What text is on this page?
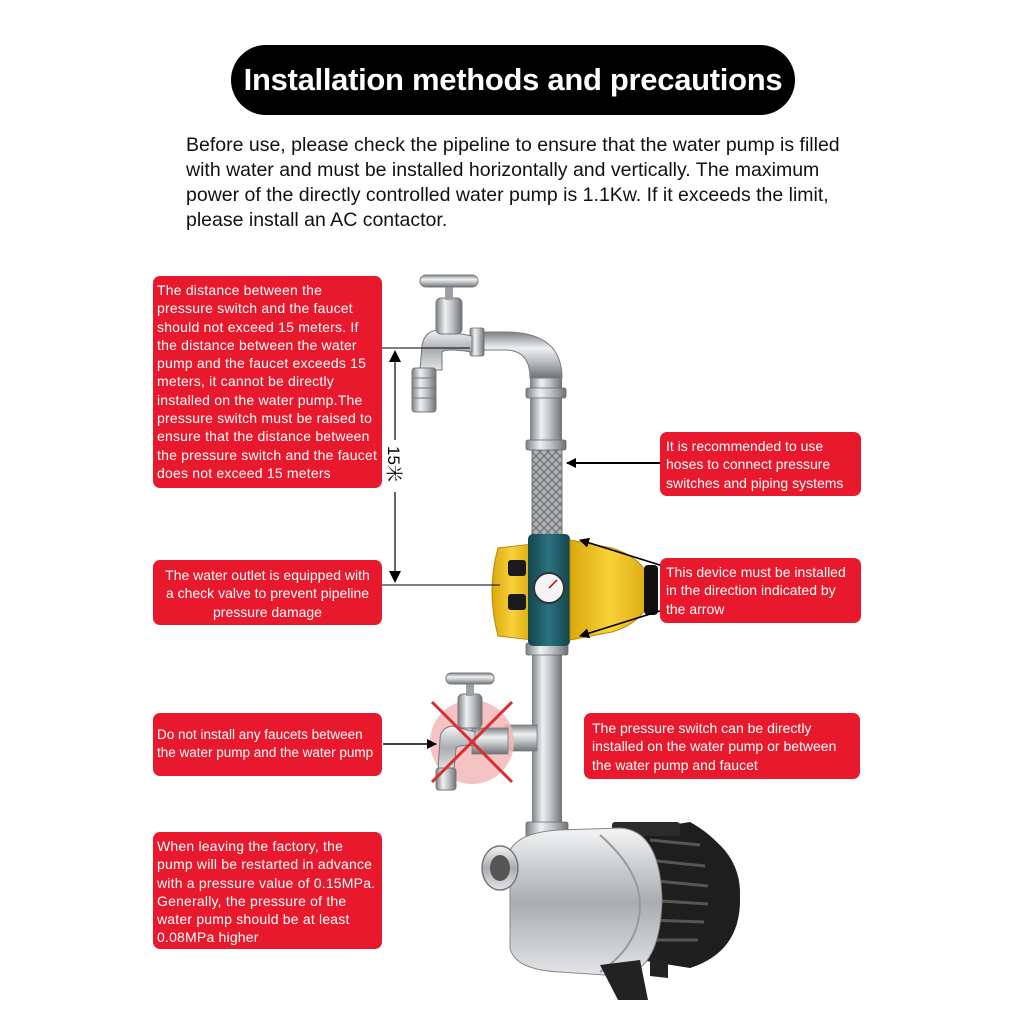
Installation methods and precautions

Before use, please check the pipeline to ensure that the water pump is filled with water and must be installed horizontally and vertically. The maximum power of the directly controlled water pump is 1.1Kw. If it exceeds the limit, please install an AC contactor.

15米
The distance between the pressure switch and the faucet should not exceed 15 meters. If the distance between the water pump and the faucet exceeds 15 meters, it cannot be directly installed on the water pump.The pressure switch must be raised to ensure that the distance between the pressure switch and the faucet does not exceed 15 meters
It is recommended to use hoses to connect pressure switches and piping systems
The water outlet is equipped with a check valve to prevent pipeline pressure damage
This device must be installed in the direction indicated by the arrow
Do not install any faucets between the water pump and the water pump
The pressure switch can be directly installed on the water pump or between the water pump and faucet
When leaving the factory, the pump will be restarted in advance with a pressure value of 0.15MPa. Generally, the pressure of the water pump should be at least 0.08MPa higher
